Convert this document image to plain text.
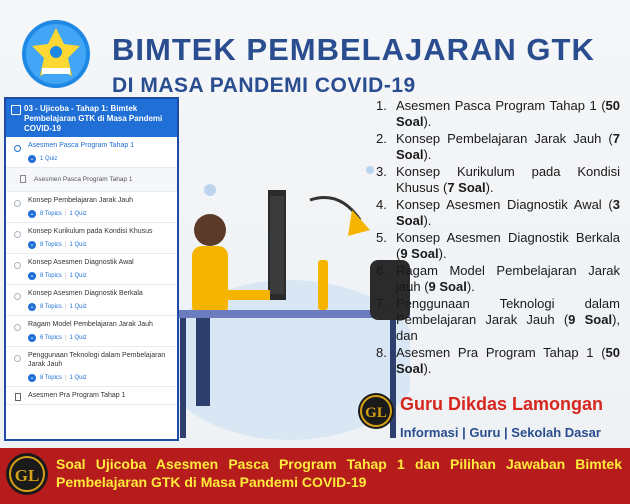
BIMTEK PEMBELAJARAN GTK
DI MASA PANDEMI COVID-19
03 - Ujicoba - Tahap 1: Bimtek Pembelajaran GTK di Masa Pandemi COVID-19
Asesmen Pasca Program Tahap 1
⌄ 1 Quiz
Asesmen Pasca Program Tahap 1
Konsep Pembelajaran Jarak Jauh
⌄ 8 Topics | 1 Quiz
Konsep Kurikulum pada Kondisi Khusus
⌄ 8 Topics | 1 Quiz
Konsep Asesmen Diagnostik Awal
⌄ 8 Topics | 1 Quiz
Konsep Asesmen Diagnostik Berkala
⌄ 8 Topics | 1 Quiz
Ragam Model Pembelajaran Jarak Jauh
⌄ 6 Topics | 1 Quiz
Penggunaan Teknologi dalam Pembelajaran Jarak Jauh
⌄ 8 Topics | 1 Quiz
Asesmen Pra Program Tahap 1
1. Asesmen Pasca Program Tahap 1 (50 Soal).
2. Konsep Pembelajaran Jarak Jauh (7 Soal).
3. Konsep Kurikulum pada Kondisi Khusus (7 Soal).
4. Konsep Asesmen Diagnostik Awal (3 Soal).
5. Konsep Asesmen Diagnostik Berkala (9 Soal).
6. Ragam Model Pembelajaran Jarak jauh (9 Soal).
7. Penggunaan Teknologi dalam Pembelajaran Jarak Jauh (9 Soal), dan
8. Asesmen Pra Program Tahap 1 (50 Soal).
GL Guru Dikdas Lamongan
Informasi | Guru | Sekolah Dasar
GL
Soal Ujicoba Asesmen Pasca Program Tahap 1 dan Pilihan Jawaban Bimtek Pembelajaran GTK di Masa Pandemi COVID-19
